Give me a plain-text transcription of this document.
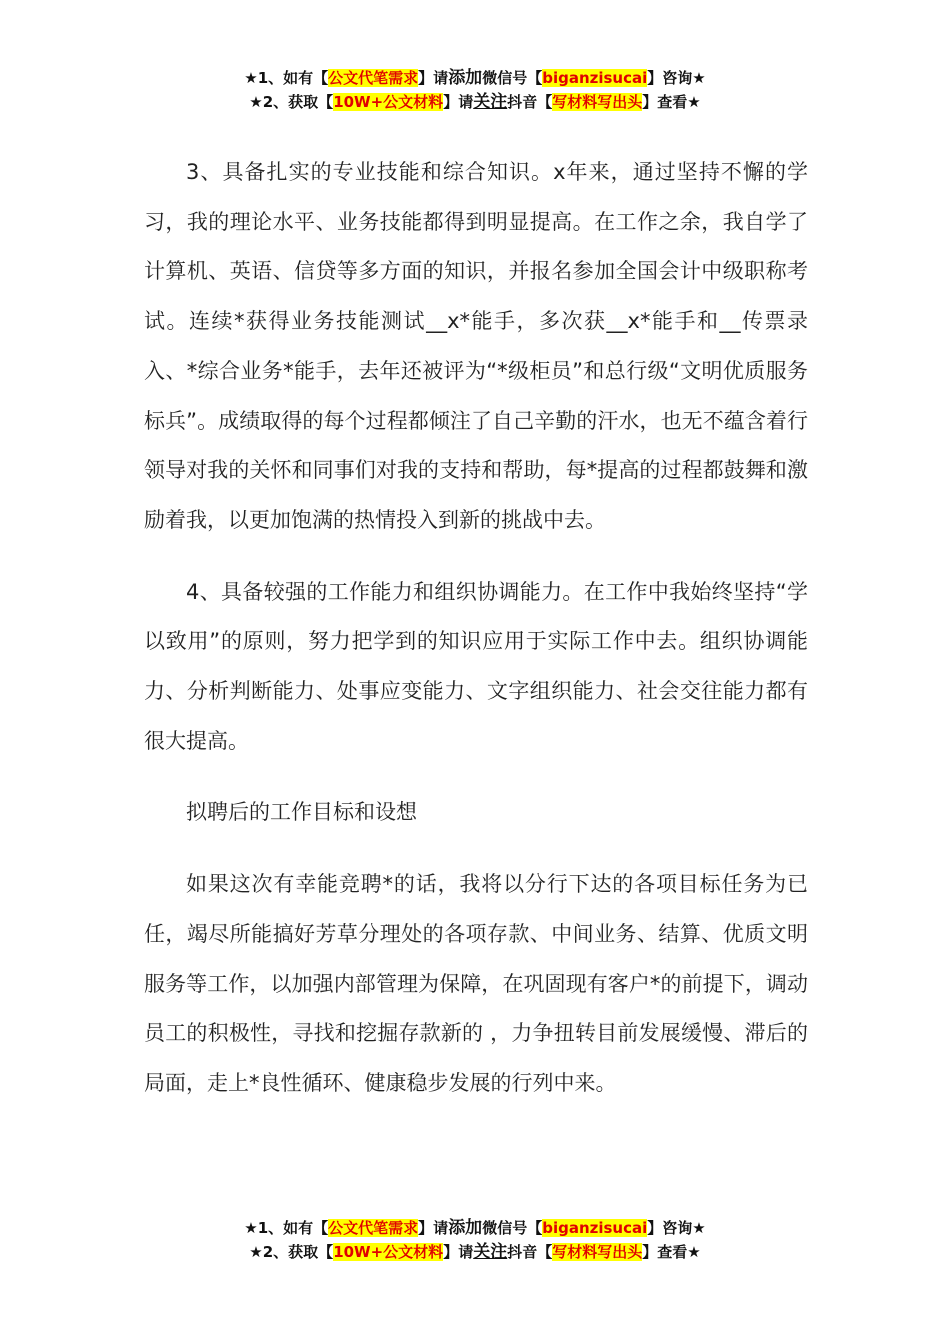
★1、如有【公文代笔需求】请添加微信号【biganzisucai】咨询★
★2、获取【10W+公文材料】请关注抖音【写材料写出头】查看★

3、具备扎实的专业技能和综合知识。x年来，通过坚持不懈的学习，我的理论水平、业务技能都得到明显提高。在工作之余，我自学了计算机、英语、信贷等多方面的知识，并报名参加全国会计中级职称考试。连续*获得业务技能测试__x*能手，多次获__x*能手和__传票录入、*综合业务*能手，去年还被评为“*级柜员”和总行级“文明优质服务标兵”。成绩取得的每个过程都倾注了自己辛勤的汗水，也无不蕴含着行领导对我的关怀和同事们对我的支持和帮助，每*提高的过程都鼓舞和激励着我，以更加饱满的热情投入到新的挑战中去。

4、具备较强的工作能力和组织协调能力。在工作中我始终坚持“学以致用”的原则，努力把学到的知识应用于实际工作中去。组织协调能力、分析判断能力、处事应变能力、文字组织能力、社会交往能力都有很大提高。

拟聘后的工作目标和设想

如果这次有幸能竞聘*的话，我将以分行下达的各项目标任务为已任，竭尽所能搞好芳草分理处的各项存款、中间业务、结算、优质文明服务等工作，以加强内部管理为保障，在巩固现有客户*的前提下，调动员工的积极性，寻找和挖掘存款新的 ，力争扭转目前发展缓慢、滞后的局面，走上*良性循环、健康稳步发展的行列中来。

★1、如有【公文代笔需求】请添加微信号【biganzisucai】咨询★
★2、获取【10W+公文材料】请关注抖音【写材料写出头】查看★
